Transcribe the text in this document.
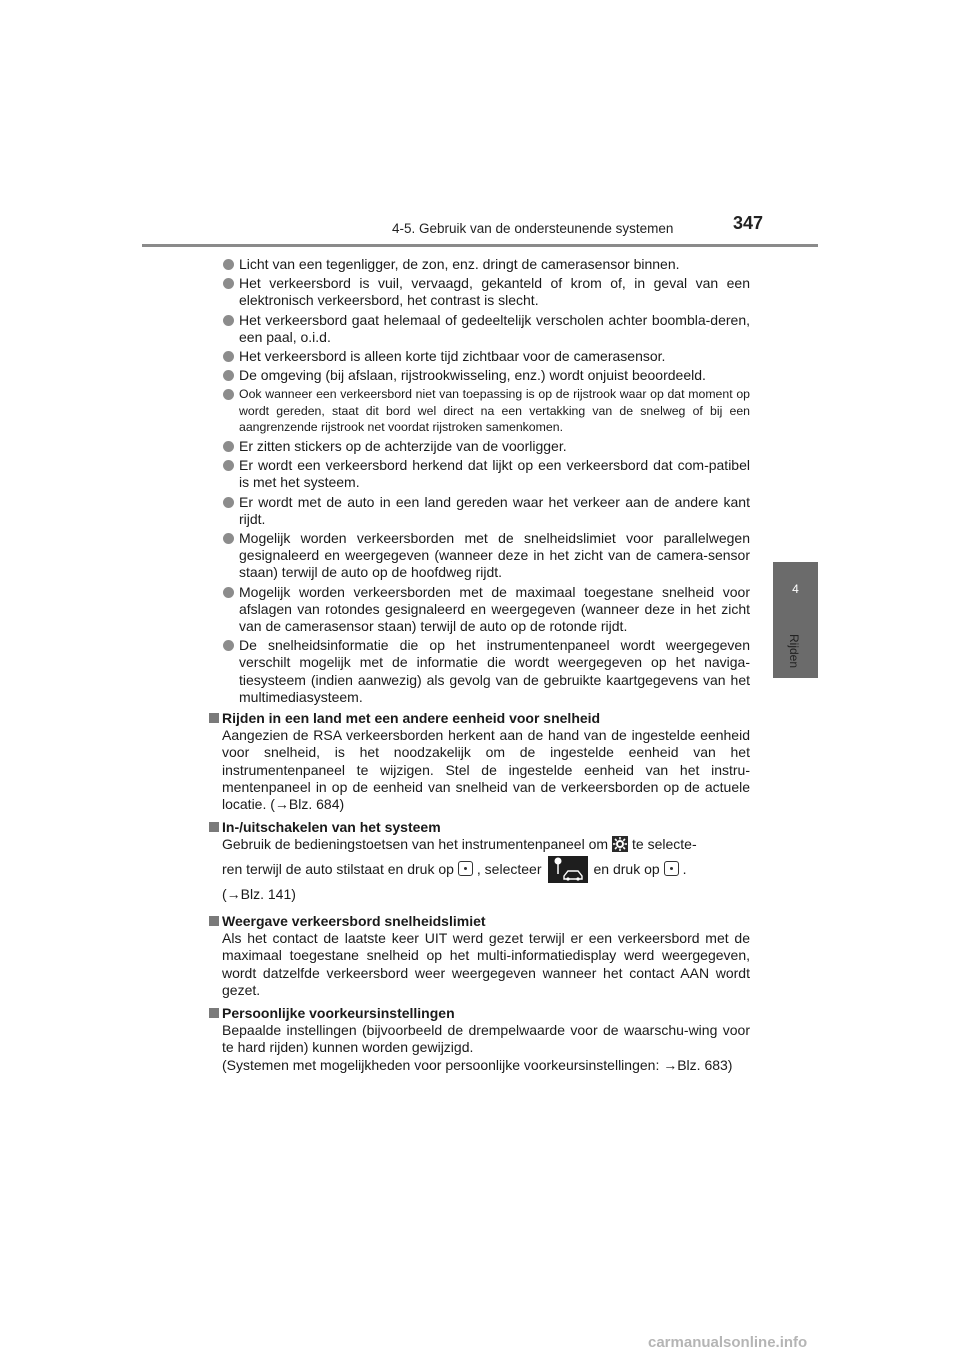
4-5. Gebruik van de ondersteunende systemen	347
4
Rijden
Licht van een tegenligger, de zon, enz. dringt de camerasensor binnen.
Het verkeersbord is vuil, vervaagd, gekanteld of krom of, in geval van een elektronisch verkeersbord, het contrast is slecht.
Het verkeersbord gaat helemaal of gedeeltelijk verscholen achter boombla-deren, een paal, o.i.d.
Het verkeersbord is alleen korte tijd zichtbaar voor de camerasensor.
De omgeving (bij afslaan, rijstrookwisseling, enz.) wordt onjuist beoordeeld.
Ook wanneer een verkeersbord niet van toepassing is op de rijstrook waar op dat moment op wordt gereden, staat dit bord wel direct na een vertakking van de snelweg of bij een aangrenzende rijstrook net voordat rijstroken samenkomen.
Er zitten stickers op de achterzijde van de voorligger.
Er wordt een verkeersbord herkend dat lijkt op een verkeersbord dat com-patibel is met het systeem.
Er wordt met de auto in een land gereden waar het verkeer aan de andere kant rijdt.
Mogelijk worden verkeersborden met de snelheidslimiet voor parallelwegen gesignaleerd en weergegeven (wanneer deze in het zicht van de camera-sensor staan) terwijl de auto op de hoofdweg rijdt.
Mogelijk worden verkeersborden met de maximaal toegestane snelheid voor afslagen van rotondes gesignaleerd en weergegeven (wanneer deze in het zicht van de camerasensor staan) terwijl de auto op de rotonde rijdt.
De snelheidsinformatie die op het instrumentenpaneel wordt weergegeven verschilt mogelijk met de informatie die wordt weergegeven op het naviga-tiesysteem (indien aanwezig) als gevolg van de gebruikte kaartgegevens van het multimediasysteem.
Rijden in een land met een andere eenheid voor snelheid
Aangezien de RSA verkeersborden herkent aan de hand van de ingestelde eenheid voor snelheid, is het noodzakelijk om de ingestelde eenheid van het instrumentenpaneel te wijzigen. Stel de ingestelde eenheid van het instru-mentenpaneel in op de eenheid van snelheid van de verkeersborden op de actuele locatie. (→Blz. 684)
In-/uitschakelen van het systeem
Gebruik de bedieningstoetsen van het instrumentenpaneel om te selecte-
ren terwijl de auto stilstaat en druk op , selecteer	en druk op .
(→Blz. 141)
Weergave verkeersbord snelheidslimiet
Als het contact de laatste keer UIT werd gezet terwijl er een verkeersbord met de maximaal toegestane snelheid op het multi-informatiedisplay werd weergegeven, wordt datzelfde verkeersbord weer weergegeven wanneer het contact AAN wordt gezet.
Persoonlijke voorkeursinstellingen
Bepaalde instellingen (bijvoorbeeld de drempelwaarde voor de waarschu-wing voor te hard rijden) kunnen worden gewijzigd.
(Systemen met mogelijkheden voor persoonlijke voorkeursinstellingen: →Blz. 683)
carmanualsonline.info
